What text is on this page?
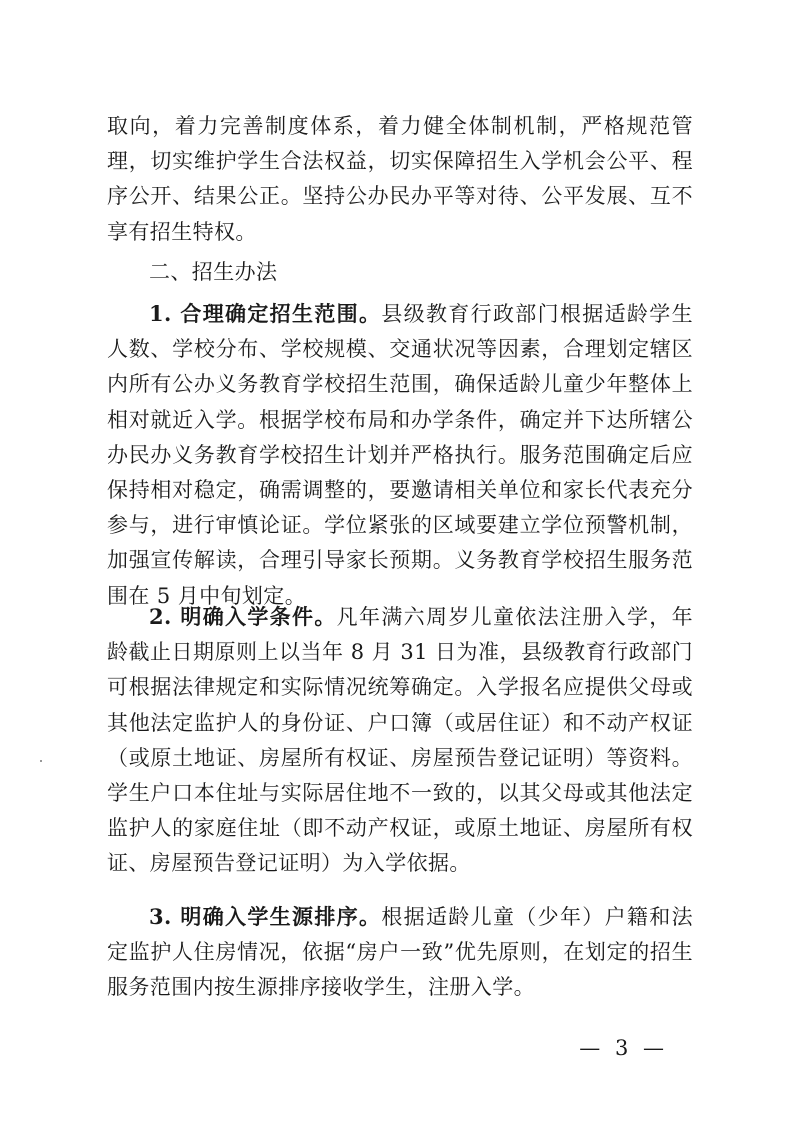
取向，着力完善制度体系，着力健全体制机制，严格规范管理，切实维护学生合法权益，切实保障招生入学机会公平、程序公开、结果公正。坚持公办民办平等对待、公平发展、互不享有招生特权。

二、招生办法

1. 合理确定招生范围。县级教育行政部门根据适龄学生人数、学校分布、学校规模、交通状况等因素，合理划定辖区内所有公办义务教育学校招生范围，确保适龄儿童少年整体上相对就近入学。根据学校布局和办学条件，确定并下达所辖公办民办义务教育学校招生计划并严格执行。服务范围确定后应保持相对稳定，确需调整的，要邀请相关单位和家长代表充分参与，进行审慎论证。学位紧张的区域要建立学位预警机制，加强宣传解读，合理引导家长预期。义务教育学校招生服务范围在 5 月中旬划定。

2. 明确入学条件。凡年满六周岁儿童依法注册入学，年龄截止日期原则上以当年 8 月 31 日为准，县级教育行政部门可根据法律规定和实际情况统筹确定。入学报名应提供父母或其他法定监护人的身份证、户口簿（或居住证）和不动产权证（或原土地证、房屋所有权证、房屋预告登记证明）等资料。学生户口本住址与实际居住地不一致的，以其父母或其他法定监护人的家庭住址（即不动产权证，或原土地证、房屋所有权证、房屋预告登记证明）为入学依据。

3. 明确入学生源排序。根据适龄儿童（少年）户籍和法定监护人住房情况，依据“房户一致”优先原则，在划定的招生服务范围内按生源排序接收学生，注册入学。

— 3 —
